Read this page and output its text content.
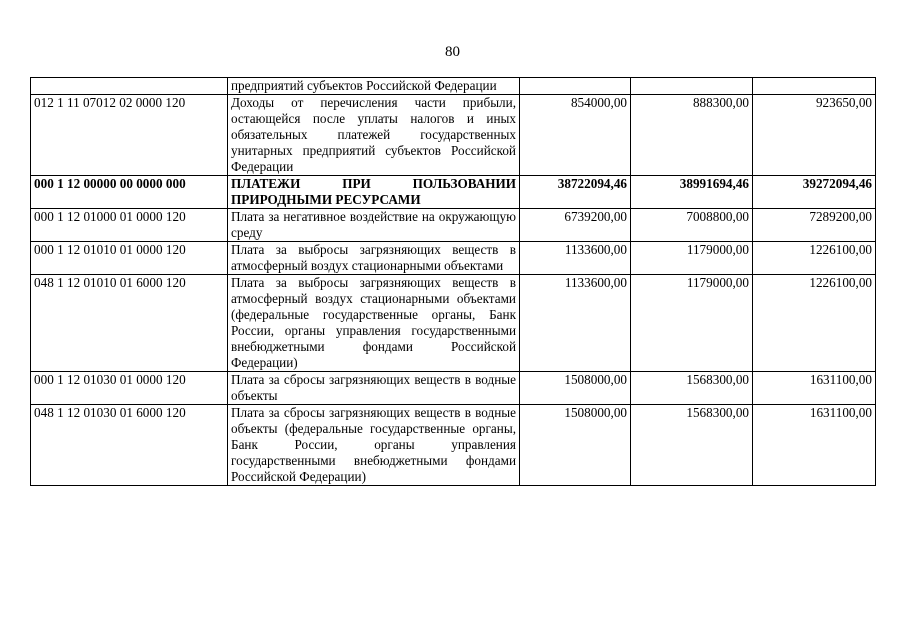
80
	предприятий субъектов Российской Федерации			
012 1 11 07012 02 0000 120	Доходы от перечисления части прибыли, остающейся после уплаты налогов и иных обязательных платежей государственных унитарных предприятий субъектов Российской Федерации	854000,00	888300,00	923650,00
000 1 12 00000 00 0000 000	ПЛАТЕЖИ ПРИ ПОЛЬЗОВАНИИ ПРИРОДНЫМИ РЕСУРСАМИ	38722094,46	38991694,46	39272094,46
000 1 12 01000 01 0000 120	Плата за негативное воздействие на окружающую среду	6739200,00	7008800,00	7289200,00
000 1 12 01010 01 0000 120	Плата за выбросы загрязняющих веществ в атмосферный воздух стационарными объектами	1133600,00	1179000,00	1226100,00
048 1 12 01010 01 6000 120	Плата за выбросы загрязняющих веществ в атмосферный воздух стационарными объектами (федеральные государственные органы, Банк России, органы управления государственными внебюджетными фондами Российской Федерации)	1133600,00	1179000,00	1226100,00
000 1 12 01030 01 0000 120	Плата за сбросы загрязняющих веществ в водные объекты	1508000,00	1568300,00	1631100,00
048 1 12 01030 01 6000 120	Плата за сбросы загрязняющих веществ в водные объекты (федеральные государственные органы, Банк России, органы управления государственными внебюджетными фондами Российской Федерации)	1508000,00	1568300,00	1631100,00
